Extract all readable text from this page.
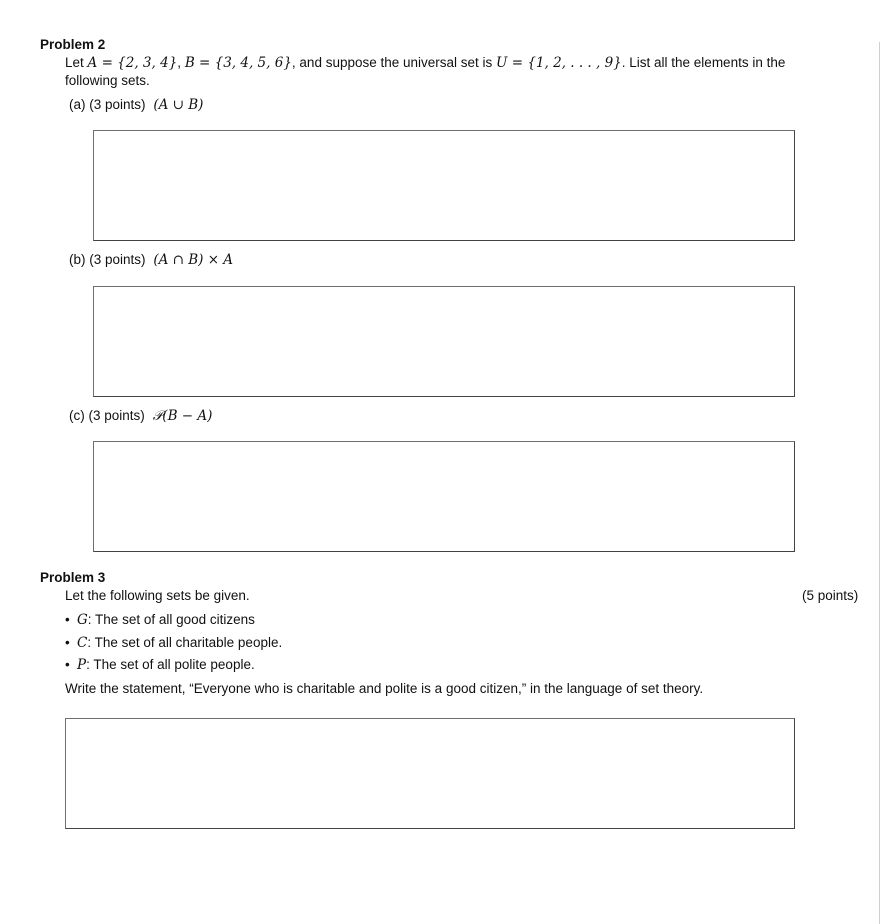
Problem 2
Let A = {2, 3, 4}, B = {3, 4, 5, 6}, and suppose the universal set is U = {1, 2, . . . , 9}. List all the elements in the
following sets.
(a) (3 points) (A ∪ B)
(b) (3 points) (A ∩ B) × A
(c) (3 points) 𝒫(B − A)
Problem 3
Let the following sets be given.	(5 points)
• G: The set of all good citizens
• C: The set of all charitable people.
• P: The set of all polite people.
Write the statement, “Everyone who is charitable and polite is a good citizen,” in the language of set theory.
